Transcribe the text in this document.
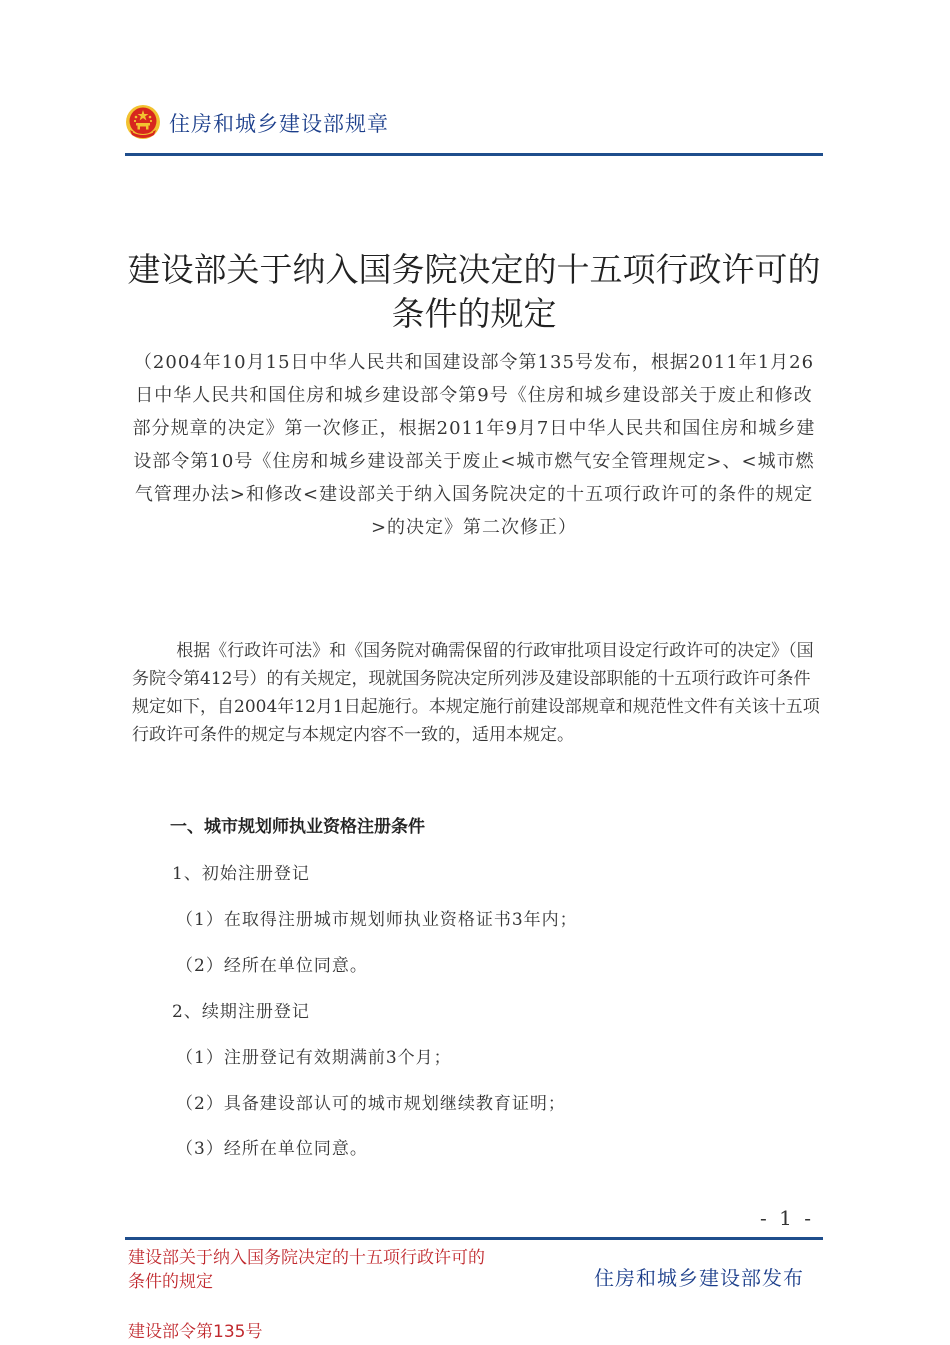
住房和城乡建设部规章
建设部关于纳入国务院决定的十五项行政许可的条件的规定
（2004年10月15日中华人民共和国建设部令第135号发布，根据2011年1月26日中华人民共和国住房和城乡建设部令第9号《住房和城乡建设部关于废止和修改部分规章的决定》第一次修正，根据2011年9月7日中华人民共和国住房和城乡建设部令第10号《住房和城乡建设部关于废止<城市燃气安全管理规定>、<城市燃气管理办法>和修改<建设部关于纳入国务院决定的十五项行政许可的条件的规定>的决定》第二次修正）
根据《行政许可法》和《国务院对确需保留的行政审批项目设定行政许可的决定》（国务院令第412号）的有关规定，现就国务院决定所列涉及建设部职能的十五项行政许可条件规定如下，自2004年12月1日起施行。本规定施行前建设部规章和规范性文件有关该十五项行政许可条件的规定与本规定内容不一致的，适用本规定。
一、城市规划师执业资格注册条件
1、初始注册登记
（1）在取得注册城市规划师执业资格证书3年内；
（2）经所在单位同意。
2、续期注册登记
（1）注册登记有效期满前3个月；
（2）具备建设部认可的城市规划继续教育证明；
（3）经所在单位同意。
- 1 -
建设部关于纳入国务院决定的十五项行政许可的条件的规定	住房和城乡建设部发布
建设部令第135号
